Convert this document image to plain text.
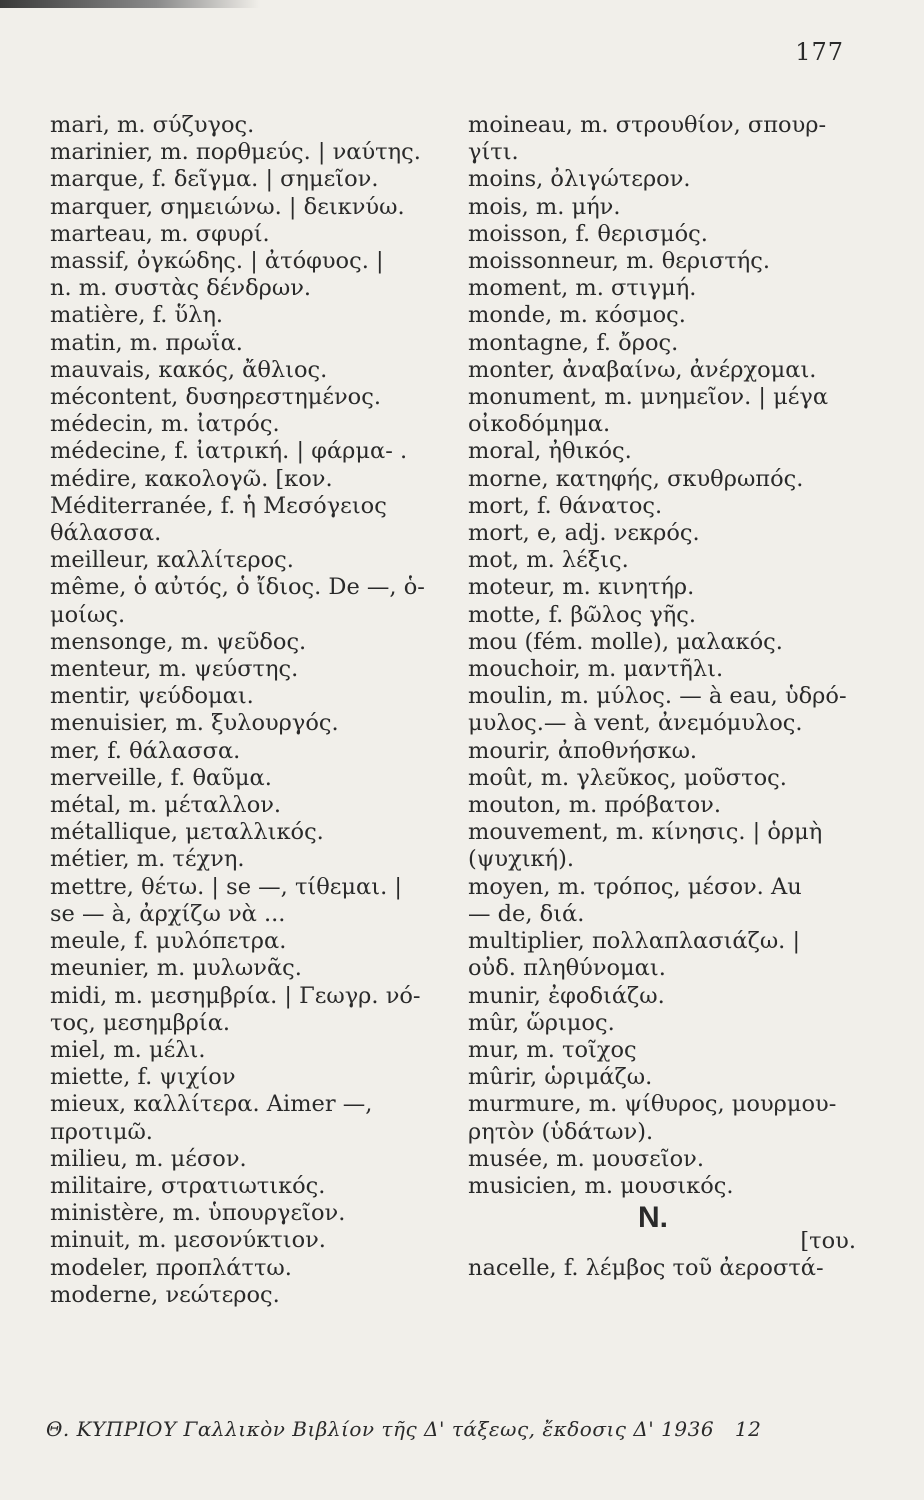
177
mari, m. σύζυγος.
marinier, m. πορθμεύς. | ναύτης.
marque, f. δεῖγμα. | σημεῖον.
marquer, σημειώνω. | δεικνύω.
marteau, m. σφυρί.
massif, ὀγκώδης. | ἀτόφυος. |
n. m. συστὰς δένδρων.
matière, f. ὕλη.
matin, m. πρωΐα.
mauvais, κακός, ἄθλιος.
mécontent, δυσηρεστημένος.
médecin, m. ἰατρός.
médecine, f. ἰατρική. | φάρμα- .
médire, κακολογῶ. [κον.
Méditerranée, f. ἡ Μεσόγειος
θάλασσα.
meilleur, καλλίτερος.
même, ὁ αὐτός, ὁ ἴδιος. De —, ὁ-
μοίως.
mensonge, m. ψεῦδος.
menteur, m. ψεύστης.
mentir, ψεύδομαι.
menuisier, m. ξυλουργός.
mer, f. θάλασσα.
merveille, f. θαῦμα.
métal, m. μέταλλον.
métallique, μεταλλικός.
métier, m. τέχνη.
mettre, θέτω. | se —, τίθεμαι. |
se — à, ἀρχίζω νὰ ...
meule, f. μυλόπετρα.
meunier, m. μυλωνᾶς.
midi, m. μεσημβρία. | Γεωγρ. νό-
τος, μεσημβρία.
miel, m. μέλι.
miette, f. ψιχίον
mieux, καλλίτερα. Aimer —,
προτιμῶ.
milieu, m. μέσον.
militaire, στρατιωτικός.
ministère, m. ὑπουργεῖον.
minuit, m. μεσονύκτιον.
modeler, προπλάττω.
moderne, νεώτερος.
moineau, m. στρουθίον, σπουρ-
γίτι.
moins, ὀλιγώτερον.
mois, m. μήν.
moisson, f. θερισμός.
moissonneur, m. θεριστής.
moment, m. στιγμή.
monde, m. κόσμος.
montagne, f. ὄρος.
monter, ἀναβαίνω, ἀνέρχομαι.
monument, m. μνημεῖον. | μέγα
οἰκοδόμημα.
moral, ἠθικός.
morne, κατηφής, σκυθρωπός.
mort, f. θάνατος.
mort, e, adj. νεκρός.
mot, m. λέξις.
moteur, m. κινητήρ.
motte, f. βῶλος γῆς.
mou (fém. molle), μαλακός.
mouchoir, m. μαντῆλι.
moulin, m. μύλος. — à eau, ὑδρό-
μυλος.— à vent, ἀνεμόμυλος.
mourir, ἀποθνήσκω.
moût, m. γλεῦκος, μοῦστος.
mouton, m. πρόβατον.
mouvement, m. κίνησις. | ὁρμὴ
(ψυχική).
moyen, m. τρόπος, μέσον. Au
— de, διά.
multiplier, πολλαπλασιάζω. |
οὐδ. πληθύνομαι.
munir, ἐφοδιάζω.
mûr, ὥριμος.
mur, m. τοῖχος
mûrir, ὡριμάζω.
murmure, m. ψίθυρος, μουρμου-
ρητὸν (ὑδάτων).
musée, m. μουσεῖον.
musicien, m. μουσικός.
N.
[του.
nacelle, f. λέμβος τοῦ ἀεροστά-
Θ. ΚΥΠΡΙΟΥ Γαλλικὸν Βιβλίον τῆς Δ' τάξεως, ἔκδοσις Δ' 1936 12
